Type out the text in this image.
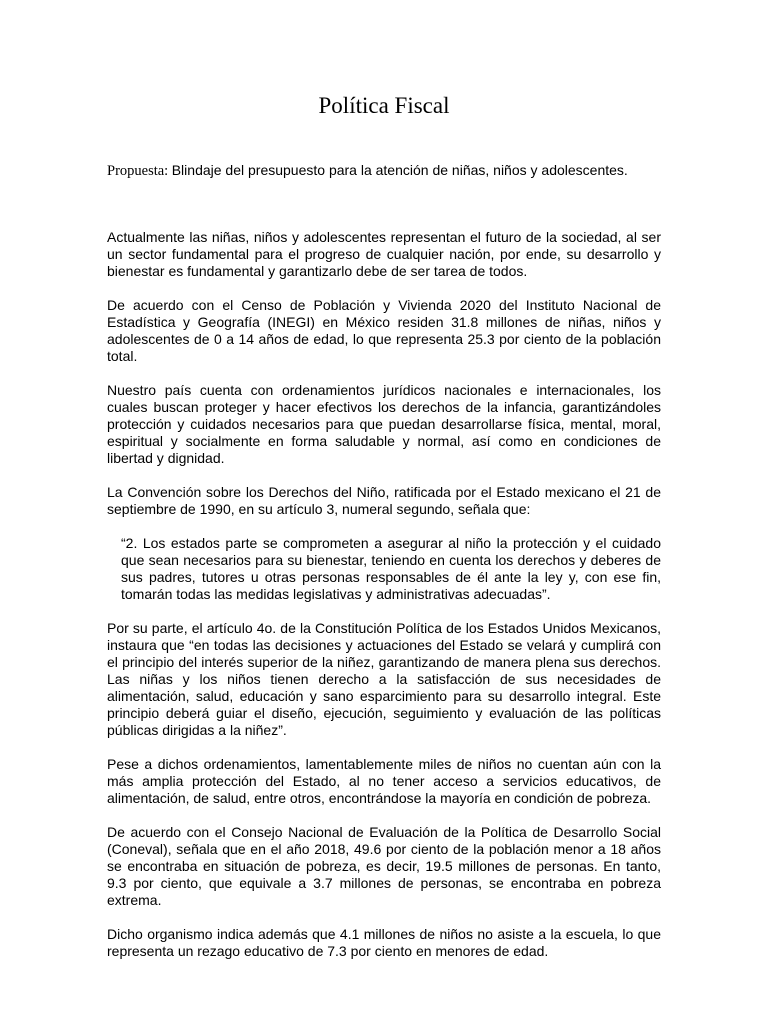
Política Fiscal

Propuesta: Blindaje del presupuesto para la atención de niñas, niños y adolescentes.

Actualmente las niñas, niños y adolescentes representan el futuro de la sociedad, al ser un sector fundamental para el progreso de cualquier nación, por ende, su desarrollo y bienestar es fundamental y garantizarlo debe de ser tarea de todos.

De acuerdo con el Censo de Población y Vivienda 2020 del Instituto Nacional de Estadística y Geografía (INEGI) en México residen 31.8 millones de niñas, niños y adolescentes de 0 a 14 años de edad, lo que representa 25.3 por ciento de la población total.

Nuestro país cuenta con ordenamientos jurídicos nacionales e internacionales, los cuales buscan proteger y hacer efectivos los derechos de la infancia, garantizándoles protección y cuidados necesarios para que puedan desarrollarse física, mental, moral, espiritual y socialmente en forma saludable y normal, así como en condiciones de libertad y dignidad.

La Convención sobre los Derechos del Niño, ratificada por el Estado mexicano el 21 de septiembre de 1990, en su artículo 3, numeral segundo, señala que:

“2. Los estados parte se comprometen a asegurar al niño la protección y el cuidado que sean necesarios para su bienestar, teniendo en cuenta los derechos y deberes de sus padres, tutores u otras personas responsables de él ante la ley y, con ese fin, tomarán todas las medidas legislativas y administrativas adecuadas”.

Por su parte, el artículo 4o. de la Constitución Política de los Estados Unidos Mexicanos, instaura que “en todas las decisiones y actuaciones del Estado se velará y cumplirá con el principio del interés superior de la niñez, garantizando de manera plena sus derechos. Las niñas y los niños tienen derecho a la satisfacción de sus necesidades de alimentación, salud, educación y sano esparcimiento para su desarrollo integral. Este principio deberá guiar el diseño, ejecución, seguimiento y evaluación de las políticas públicas dirigidas a la niñez”.

Pese a dichos ordenamientos, lamentablemente miles de niños no cuentan aún con la más amplia protección del Estado, al no tener acceso a servicios educativos, de alimentación, de salud, entre otros, encontrándose la mayoría en condición de pobreza.

De acuerdo con el Consejo Nacional de Evaluación de la Política de Desarrollo Social (Coneval), señala que en el año 2018, 49.6 por ciento de la población menor a 18 años se encontraba en situación de pobreza, es decir, 19.5 millones de personas. En tanto, 9.3 por ciento, que equivale a 3.7 millones de personas, se encontraba en pobreza extrema.

Dicho organismo indica además que 4.1 millones de niños no asiste a la escuela, lo que representa un rezago educativo de 7.3 por ciento en menores de edad.
